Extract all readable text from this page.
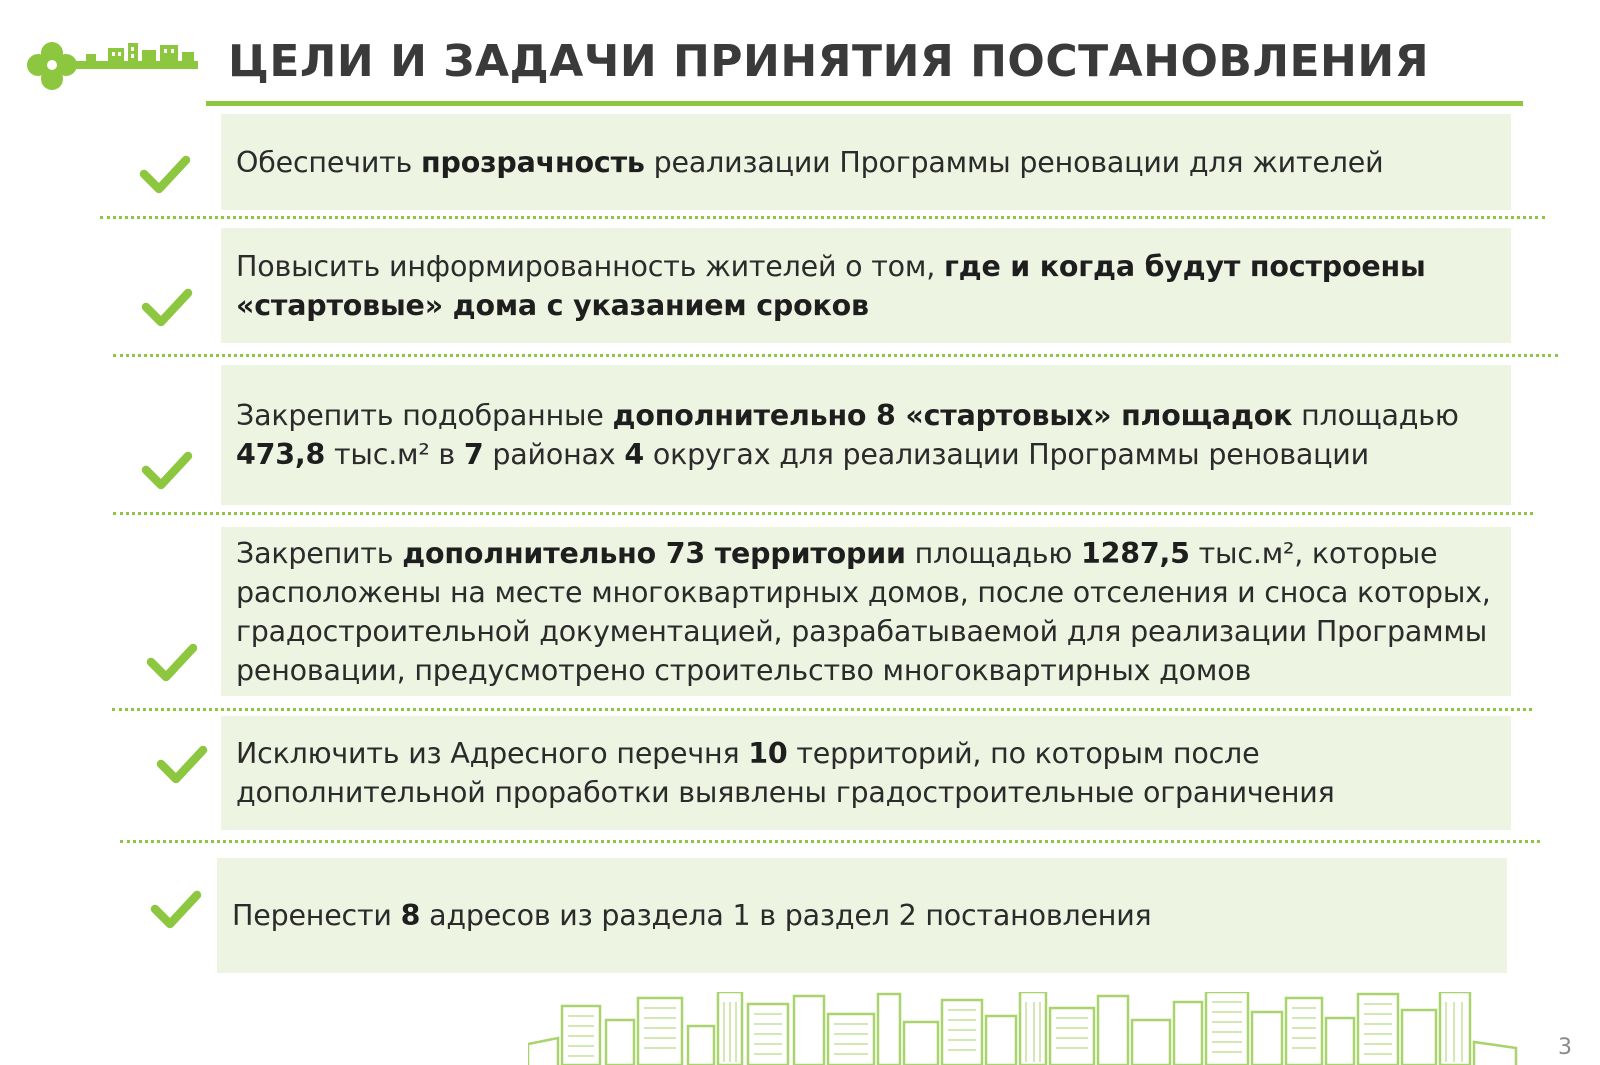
ЦЕЛИ И ЗАДАЧИ ПРИНЯТИЯ ПОСТАНОВЛЕНИЯ
Обеспечить прозрачность реализации Программы реновации для жителей
Повысить информированность жителей о том, где и когда будут построены «стартовые» дома с указанием сроков
Закрепить подобранные дополнительно 8 «стартовых» площадок площадью 473,8 тыс.м² в 7 районах 4 округах для реализации Программы реновации
Закрепить дополнительно 73 территории площадью 1287,5 тыс.м², которые расположены на месте многоквартирных домов, после отселения и сноса которых, градостроительной документацией, разрабатываемой для реализации Программы реновации, предусмотрено строительство многоквартирных домов
Исключить из Адресного перечня 10 территорий, по которым после дополнительной проработки выявлены градостроительные ограничения
Перенести 8 адресов из раздела 1 в раздел 2 постановления
3
